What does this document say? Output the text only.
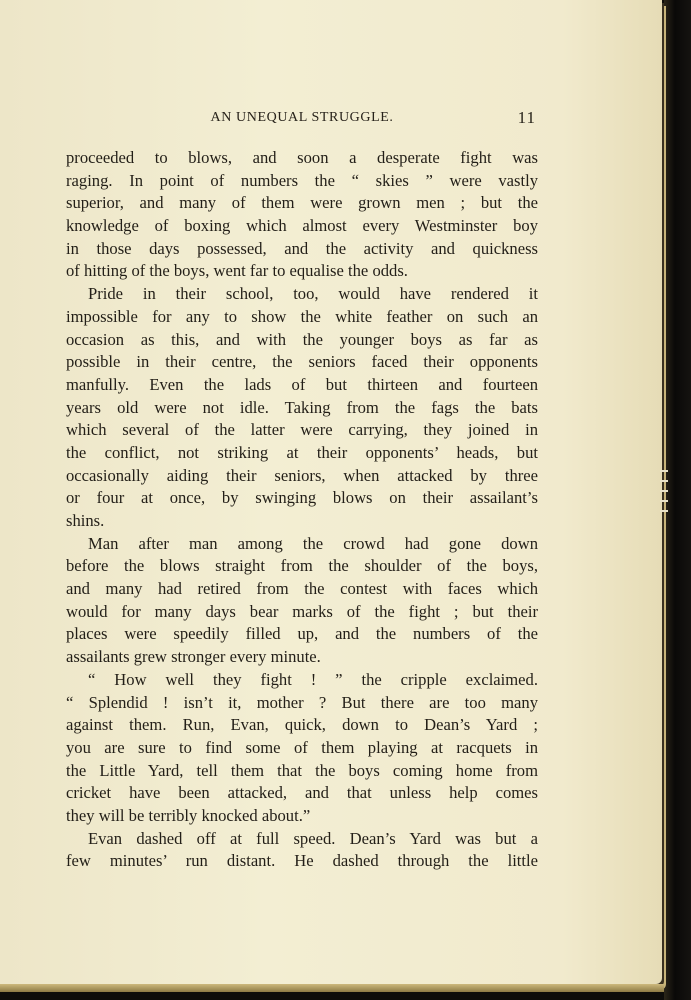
AN UNEQUAL STRUGGLE.	11
proceeded to blows, and soon a desperate fight was
raging. In point of numbers the “ skies ” were vastly
superior, and many of them were grown men ; but the
knowledge of boxing which almost every Westminster boy
in those days possessed, and the activity and quickness
of hitting of the boys, went far to equalise the odds.
Pride in their school, too, would have rendered it
impossible for any to show the white feather on such an
occasion as this, and with the younger boys as far as
possible in their centre, the seniors faced their opponents
manfully. Even the lads of but thirteen and fourteen
years old were not idle. Taking from the fags the bats
which several of the latter were carrying, they joined in
the conflict, not striking at their opponents’ heads, but
occasionally aiding their seniors, when attacked by three
or four at once, by swinging blows on their assailant’s
shins.
Man after man among the crowd had gone down
before the blows straight from the shoulder of the boys,
and many had retired from the contest with faces which
would for many days bear marks of the fight ; but their
places were speedily filled up, and the numbers of the
assailants grew stronger every minute.
“ How well they fight ! ” the cripple exclaimed.
“ Splendid ! isn’t it, mother ? But there are too many
against them. Run, Evan, quick, down to Dean’s Yard ;
you are sure to find some of them playing at racquets in
the Little Yard, tell them that the boys coming home from
cricket have been attacked, and that unless help comes
they will be terribly knocked about.”
Evan dashed off at full speed. Dean’s Yard was but a
few minutes’ run distant. He dashed through the little
